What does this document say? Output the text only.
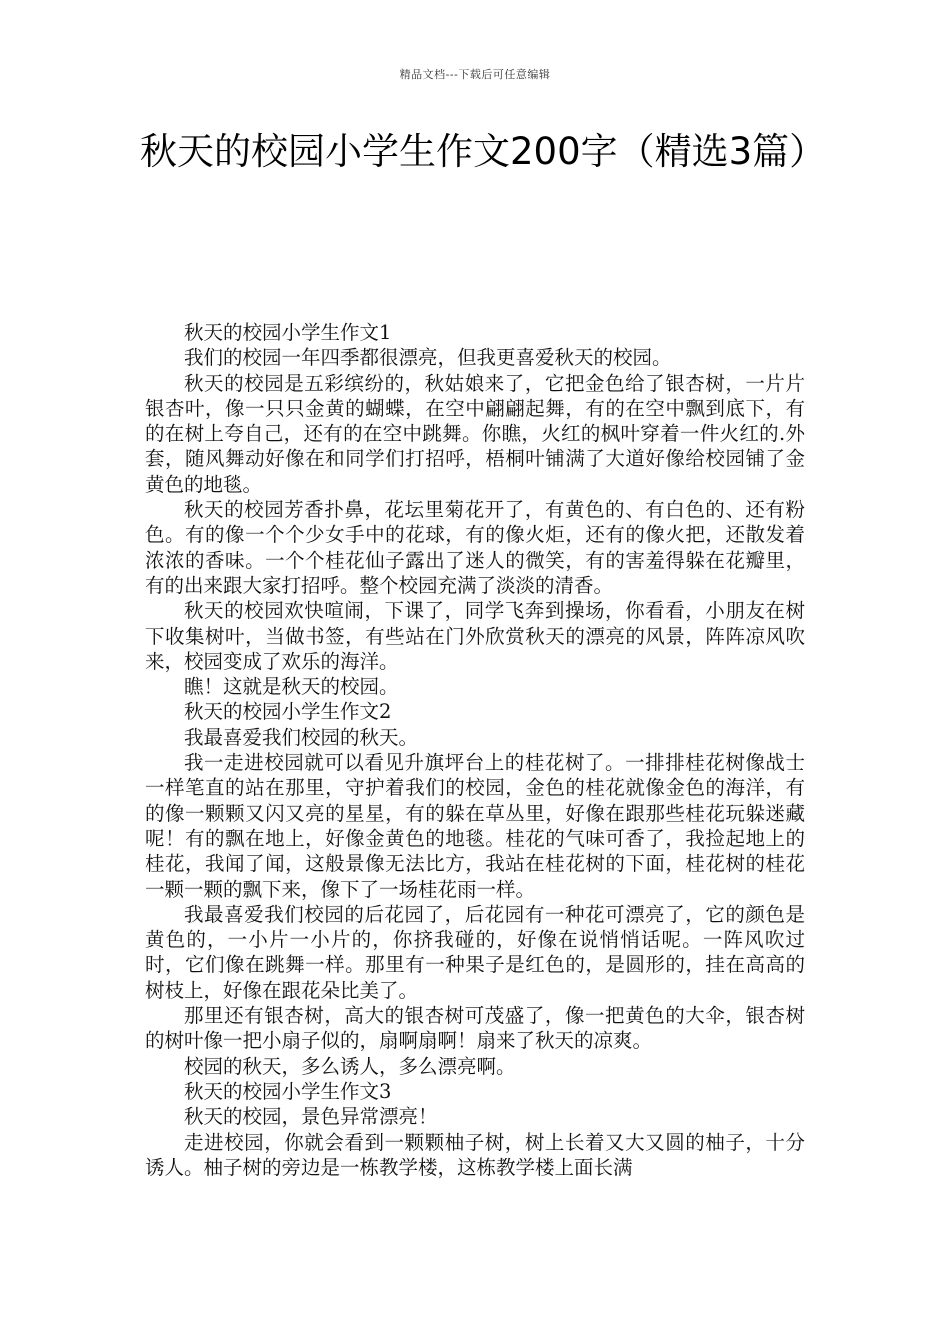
精品文档---下载后可任意编辑
秋天的校园小学生作文200字（精选3篇）

秋天的校园小学生作文1

我们的校园一年四季都很漂亮，但我更喜爱秋天的校园。

秋天的校园是五彩缤纷的，秋姑娘来了，它把金色给了银杏树，一片片银杏叶，像一只只金黄的蝴蝶，在空中翩翩起舞，有的在空中飘到底下，有的在树上夸自己，还有的在空中跳舞。你瞧，火红的枫叶穿着一件火红的.外套，随风舞动好像在和同学们打招呼，梧桐叶铺满了大道好像给校园铺了金黄色的地毯。

秋天的校园芳香扑鼻，花坛里菊花开了，有黄色的、有白色的、还有粉色。有的像一个个少女手中的花球，有的像火炬，还有的像火把，还散发着浓浓的香味。一个个桂花仙子露出了迷人的微笑，有的害羞得躲在花瓣里，有的出来跟大家打招呼。整个校园充满了淡淡的清香。

秋天的校园欢快喧闹，下课了，同学飞奔到操场，你看看，小朋友在树下收集树叶，当做书签，有些站在门外欣赏秋天的漂亮的风景，阵阵凉风吹来，校园变成了欢乐的海洋。

瞧！这就是秋天的校园。

秋天的校园小学生作文2

我最喜爱我们校园的秋天。

我一走进校园就可以看见升旗坪台上的桂花树了。一排排桂花树像战士一样笔直的站在那里，守护着我们的校园，金色的桂花就像金色的海洋，有的像一颗颗又闪又亮的星星，有的躲在草丛里，好像在跟那些桂花玩躲迷藏呢！有的飘在地上，好像金黄色的地毯。桂花的气味可香了，我捡起地上的桂花，我闻了闻，这般景像无法比方，我站在桂花树的下面，桂花树的桂花一颗一颗的飘下来，像下了一场桂花雨一样。

我最喜爱我们校园的后花园了，后花园有一种花可漂亮了，它的颜色是黄色的，一小片一小片的，你挤我碰的，好像在说悄悄话呢。一阵风吹过时，它们像在跳舞一样。那里有一种果子是红色的，是圆形的，挂在高高的树枝上，好像在跟花朵比美了。

那里还有银杏树，高大的银杏树可茂盛了，像一把黄色的大伞，银杏树的树叶像一把小扇子似的，扇啊扇啊！扇来了秋天的凉爽。

校园的秋天，多么诱人，多么漂亮啊。

秋天的校园小学生作文3

秋天的校园，景色异常漂亮！

走进校园，你就会看到一颗颗柚子树，树上长着又大又圆的柚子，十分诱人。柚子树的旁边是一栋教学楼，这栋教学楼上面长满
